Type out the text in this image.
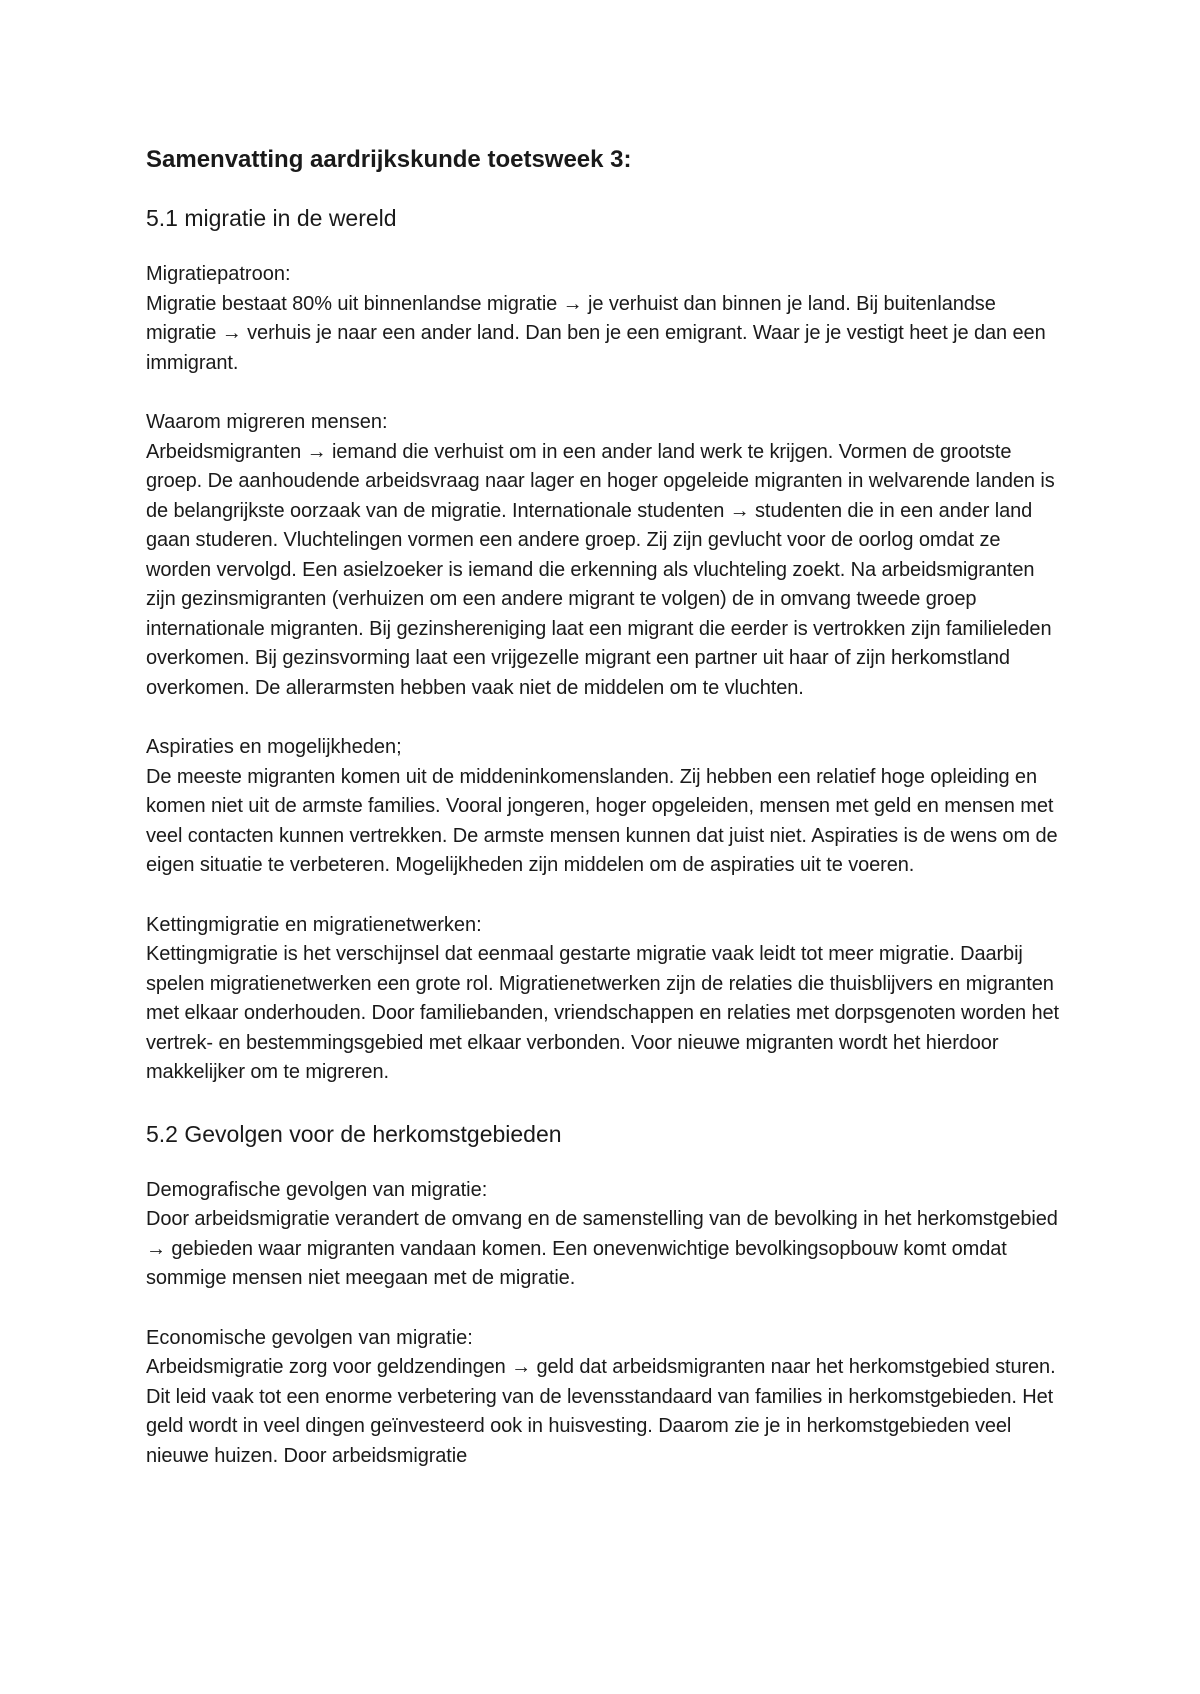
Samenvatting aardrijkskunde toetsweek 3:
5.1 migratie in de wereld

Migratiepatroon:

Migratie bestaat 80% uit binnenlandse migratie → je verhuist dan binnen je land. Bij buitenlandse migratie → verhuis je naar een ander land. Dan ben je een emigrant. Waar je je vestigt heet je dan een immigrant.

Waarom migreren mensen:

Arbeidsmigranten → iemand die verhuist om in een ander land werk te krijgen. Vormen de grootste groep. De aanhoudende arbeidsvraag naar lager en hoger opgeleide migranten in welvarende landen is de belangrijkste oorzaak van de migratie. Internationale studenten → studenten die in een ander land gaan studeren. Vluchtelingen vormen een andere groep. Zij zijn gevlucht voor de oorlog omdat ze worden vervolgd. Een asielzoeker is iemand die erkenning als vluchteling zoekt. Na arbeidsmigranten zijn gezinsmigranten (verhuizen om een andere migrant te volgen) de in omvang tweede groep internationale migranten. Bij gezinshereniging laat een migrant die eerder is vertrokken zijn familieleden overkomen. Bij gezinsvorming laat een vrijgezelle migrant een partner uit haar of zijn herkomstland overkomen. De allerarmsten hebben vaak niet de middelen om te vluchten.

Aspiraties en mogelijkheden;

De meeste migranten komen uit de middeninkomenslanden. Zij hebben een relatief hoge opleiding en komen niet uit de armste families. Vooral jongeren, hoger opgeleiden, mensen met geld en mensen met veel contacten kunnen vertrekken. De armste mensen kunnen dat juist niet. Aspiraties is de wens om de eigen situatie te verbeteren. Mogelijkheden zijn middelen om de aspiraties uit te voeren.

Kettingmigratie en migratienetwerken:

Kettingmigratie is het verschijnsel dat eenmaal gestarte migratie vaak leidt tot meer migratie. Daarbij spelen migratienetwerken een grote rol. Migratienetwerken zijn de relaties die thuisblijvers en migranten met elkaar onderhouden. Door familiebanden, vriendschappen en relaties met dorpsgenoten worden het vertrek- en bestemmingsgebied met elkaar verbonden. Voor nieuwe migranten wordt het hierdoor makkelijker om te migreren.

5.2 Gevolgen voor de herkomstgebieden

Demografische gevolgen van migratie:

Door arbeidsmigratie verandert de omvang en de samenstelling van de bevolking in het herkomstgebied → gebieden waar migranten vandaan komen. Een onevenwichtige bevolkingsopbouw komt omdat sommige mensen niet meegaan met de migratie.

Economische gevolgen van migratie:

Arbeidsmigratie zorg voor geldzendingen → geld dat arbeidsmigranten naar het herkomstgebied sturen. Dit leid vaak tot een enorme verbetering van de levensstandaard van families in herkomstgebieden. Het geld wordt in veel dingen geïnvesteerd ook in huisvesting. Daarom zie je in herkomstgebieden veel nieuwe huizen. Door arbeidsmigratie
